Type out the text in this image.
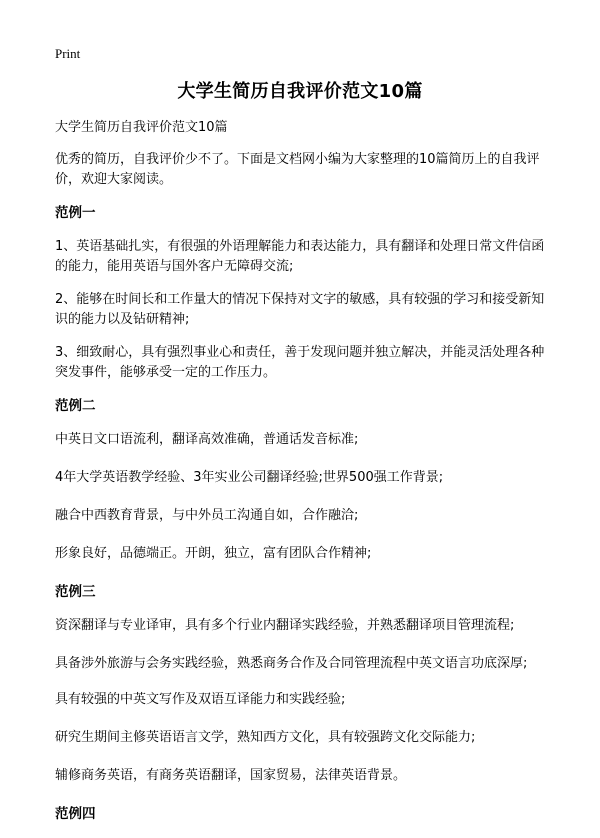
Print
大学生简历自我评价范文10篇

大学生简历自我评价范文10篇

优秀的简历，自我评价少不了。下面是文档网小编为大家整理的10篇简历上的自我评价，欢迎大家阅读。

范例一

1、英语基础扎实，有很强的外语理解能力和表达能力，具有翻译和处理日常文件信函的能力，能用英语与国外客户无障碍交流;

2、能够在时间长和工作量大的情况下保持对文字的敏感，具有较强的学习和接受新知识的能力以及钻研精神;

3、细致耐心，具有强烈事业心和责任，善于发现问题并独立解决，并能灵活处理各种突发事件，能够承受一定的工作压力。

范例二

中英日文口语流利，翻译高效准确，普通话发音标准;

4年大学英语教学经验、3年实业公司翻译经验;世界500强工作背景;

融合中西教育背景，与中外员工沟通自如，合作融洽;

形象良好，品德端正。开朗，独立，富有团队合作精神;

范例三

资深翻译与专业译审，具有多个行业内翻译实践经验，并熟悉翻译项目管理流程;

具备涉外旅游与会务实践经验，熟悉商务合作及合同管理流程中英文语言功底深厚;

具有较强的中英文写作及双语互译能力和实践经验;

研究生期间主修英语语言文学，熟知西方文化，具有较强跨文化交际能力;

辅修商务英语，有商务英语翻译，国家贸易，法律英语背景。

范例四
